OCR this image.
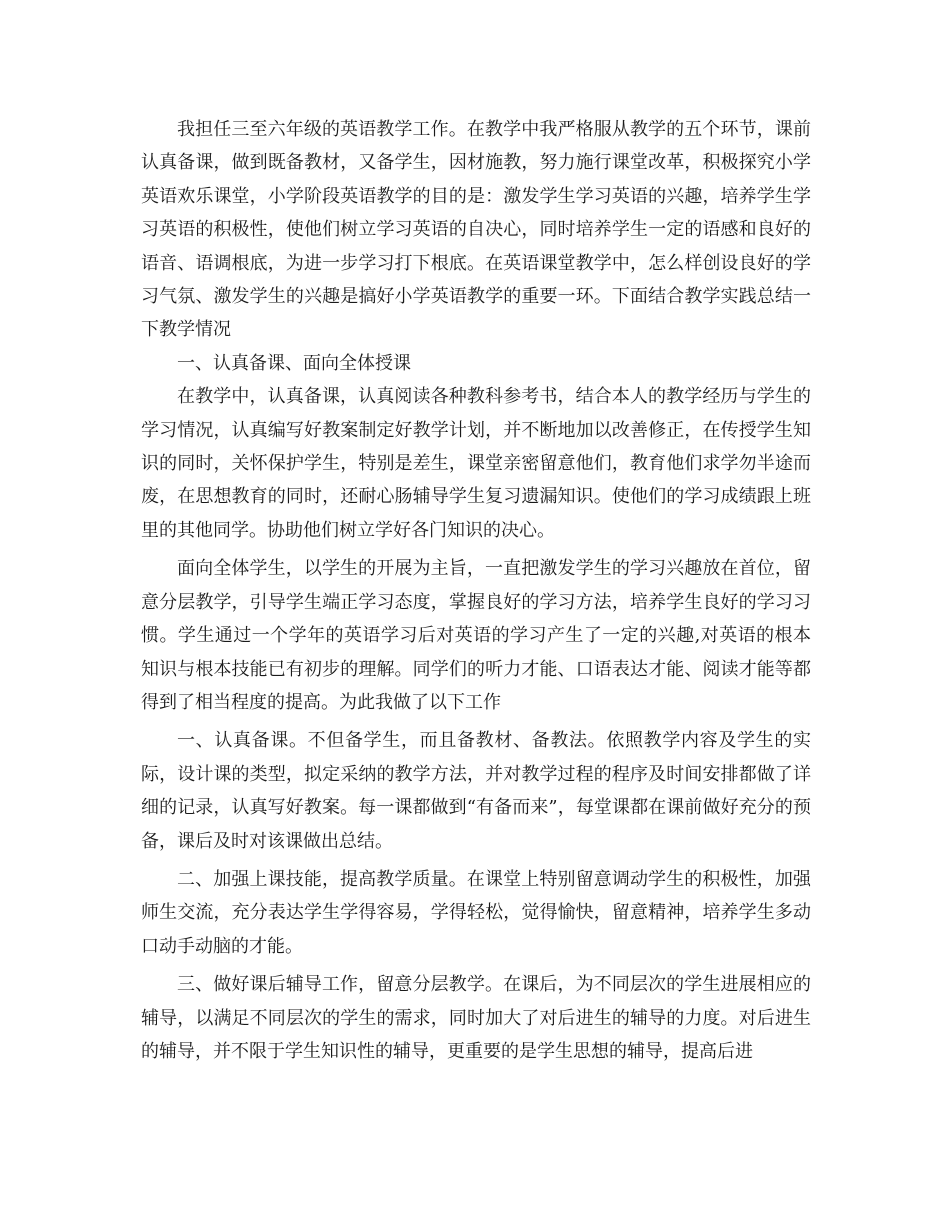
我担任三至六年级的英语教学工作。在教学中我严格服从教学的五个环节，课前认真备课，做到既备教材，又备学生，因材施教，努力施行课堂改革，积极探究小学英语欢乐课堂，小学阶段英语教学的目的是：激发学生学习英语的兴趣，培养学生学习英语的积极性，使他们树立学习英语的自决心，同时培养学生一定的语感和良好的语音、语调根底，为进一步学习打下根底。在英语课堂教学中，怎么样创设良好的学习气氛、激发学生的兴趣是搞好小学英语教学的重要一环。下面结合教学实践总结一下教学情况

一、认真备课、面向全体授课

在教学中，认真备课，认真阅读各种教科参考书，结合本人的教学经历与学生的学习情况，认真编写好教案制定好教学计划，并不断地加以改善修正，在传授学生知识的同时，关怀保护学生，特别是差生，课堂亲密留意他们，教育他们求学勿半途而废，在思想教育的同时，还耐心肠辅导学生复习遗漏知识。使他们的学习成绩跟上班里的其他同学。协助他们树立学好各门知识的决心。

面向全体学生，以学生的开展为主旨，一直把激发学生的学习兴趣放在首位，留意分层教学，引导学生端正学习态度，掌握良好的学习方法，培养学生良好的学习习惯。学生通过一个学年的英语学习后对英语的学习产生了一定的兴趣,对英语的根本知识与根本技能已有初步的理解。同学们的听力才能、口语表达才能、阅读才能等都得到了相当程度的提高。为此我做了以下工作

一、认真备课。不但备学生，而且备教材、备教法。依照教学内容及学生的实际，设计课的类型，拟定采纳的教学方法，并对教学过程的程序及时间安排都做了详细的记录，认真写好教案。每一课都做到“有备而来”，每堂课都在课前做好充分的预备，课后及时对该课做出总结。

二、加强上课技能，提高教学质量。在课堂上特别留意调动学生的积极性，加强师生交流，充分表达学生学得容易，学得轻松，觉得愉快，留意精神，培养学生多动口动手动脑的才能。

三、做好课后辅导工作，留意分层教学。在课后，为不同层次的学生进展相应的辅导，以满足不同层次的学生的需求，同时加大了对后进生的辅导的力度。对后进生的辅导，并不限于学生知识性的辅导，更重要的是学生思想的辅导，提高后进
